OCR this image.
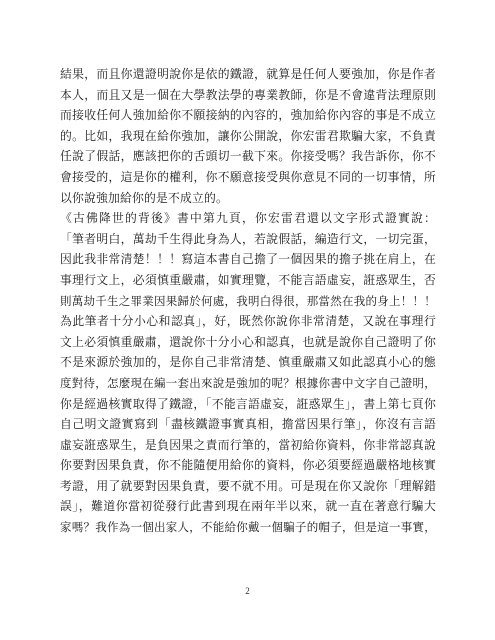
結果，而且你還證明說你是依的鐵證，就算是任何人要強加，你是作者
本人，而且又是一個在大學教法學的專業教師，你是不會違背法理原則
而接收任何人強加給你不願接納的內容的，強加給你內容的事是不成立
的。比如，我現在給你強加，讓你公開說，你宏雷君欺騙大家，不負責
任說了假話，應該把你的舌頭切一截下來。你接受嗎？我告訴你，你不
會接受的，這是你的權利，你不願意接受與你意見不同的一切事情，所
以你說強加給你的是不成立的。

《古佛降世的背後》書中第九頁，你宏雷君還以文字形式證實說：
「筆者明白，萬劫千生得此身為人，若說假話，編造行文，一切完蛋，
因此我非常清楚！！！寫這本書自己擔了一個因果的擔子挑在肩上，在
事理行文上，必須慎重嚴肅，如實理覽，不能言語虛妄，誑惑眾生，否
則萬劫千生之罪業因果歸於何處，我明白得很，那當然在我的身上！！！
為此筆者十分小心和認真」，好，既然你說你非常清楚，又說在事理行
文上必須慎重嚴肅，還說你十分小心和認真，也就是說你自己證明了你
不是來源於強加的，是你自己非常清楚、慎重嚴肅又如此認真小心的態
度對待，怎麼現在編一套出來說是強加的呢？根據你書中文字自己證明，
你是經過核實取得了鐵證，「不能言語虛妄，誑惑眾生」，書上第七頁你
自己明文證實寫到「盡核鐵證事實真相，擔當因果行筆」，你沒有言語
虛妄誑惑眾生，是負因果之責而行筆的，當初給你資料，你非常認真說
你要對因果負責，你不能隨便用給你的資料，你必須要經過嚴格地核實
考證，用了就要對因果負責，要不就不用。可是現在你又說你「理解錯
誤」，難道你當初從發行此書到現在兩年半以來，就一直在著意行騙大
家嗎？我作為一個出家人，不能給你戴一個騙子的帽子，但是這一事實，

2
